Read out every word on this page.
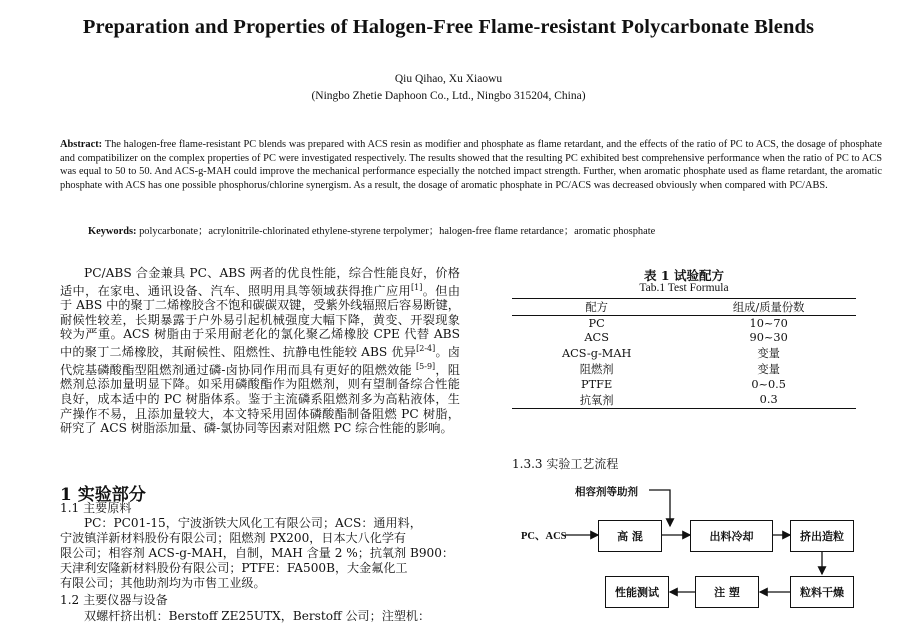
Preparation and Properties of Halogen-Free Flame-resistant Polycarbonate Blends
Qiu Qihao, Xu Xiaowu
(Ningbo Zhetie Daphoon Co., Ltd., Ningbo 315204, China)
Abstract: The halogen-free flame-resistant PC blends was prepared with ACS resin as modifier and phosphate as flame retardant, and the effects of the ratio of PC to ACS, the dosage of phosphate and compatibilizer on the complex properties of PC were investigated respectively. The results showed that the resulting PC exhibited best comprehensive performance when the ratio of PC to ACS was equal to 50 to 50. And ACS-g-MAH could improve the mechanical performance especially the notched impact strength. Further, when aromatic phosphate used as flame retardant, the aromatic phosphate with ACS has one possible phosphorus/chlorine synergism. As a result, the dosage of aromatic phosphate in PC/ACS was decreased obviously when compared with PC/ABS.
Keywords: polycarbonate；acrylonitrile-chlorinated ethylene-styrene terpolymer；halogen-free flame retardance；aromatic phosphate
PC/ABS 合金兼具 PC、ABS 两者的优良性能，综合性能良好，价格适中，在家电、通讯设备、汽车、照明用具等领域获得推广应用[1]。但由于 ABS 中的聚丁二烯橡胶含不饱和碳碳双键，受紫外线辐照后容易断键，耐候性较差，长期暴露于户外易引起机械强度大幅下降，黄变、开裂现象较为严重。ACS 树脂由于采用耐老化的氯化聚乙烯橡胶 CPE 代替 ABS 中的聚丁二烯橡胶，其耐候性、阻燃性、抗静电性能较 ABS 优异[2-4]。卤代烷基磷酸酯型阻燃剂通过磷-卤协同作用而具有更好的阻燃效能 [5-9]，阻燃剂总添加量明显下降。如采用磷酸酯作为阻燃剂，则有望制备综合性能良好，成本适中的 PC 树脂体系。鉴于主流磷系阻燃剂多为高粘液体，生产操作不易，且添加量较大，本文特采用固体磷酸酯制备阻燃 PC 树脂，研究了 ACS 树脂添加量、磷-氯协同等因素对阻燃 PC 综合性能的影响。
1 实验部分
1.1 主要原料
PC：PC01-15，宁波浙铁大风化工有限公司；ACS：通用料，
宁波镇洋新材料股份有限公司；阻燃剂 PX200，日本大八化学有
限公司；相容剂 ACS-g-MAH，自制，MAH 含量 2 %；抗氧剂 B900：
天津利安隆新材料股份有限公司；PTFE：FA500B，大金氟化工
有限公司；其他助剂均为市售工业级。
1.2 主要仪器与设备
双螺杆挤出机：Berstoff ZE25UTX，Berstoff 公司；注塑机：
表 1 试验配方
Tab.1 Test Formula
配方	组成/质量份数
PC	10~70
ACS	90~30
ACS-g-MAH	变量
阻燃剂	变量
PTFE	0~0.5
抗氧剂	0.3
1.3.3 实验工艺流程
相容剂等助剂
PC、ACS	高 混	出料冷却	挤出造粒
粒料干燥
注 塑
性能测试
